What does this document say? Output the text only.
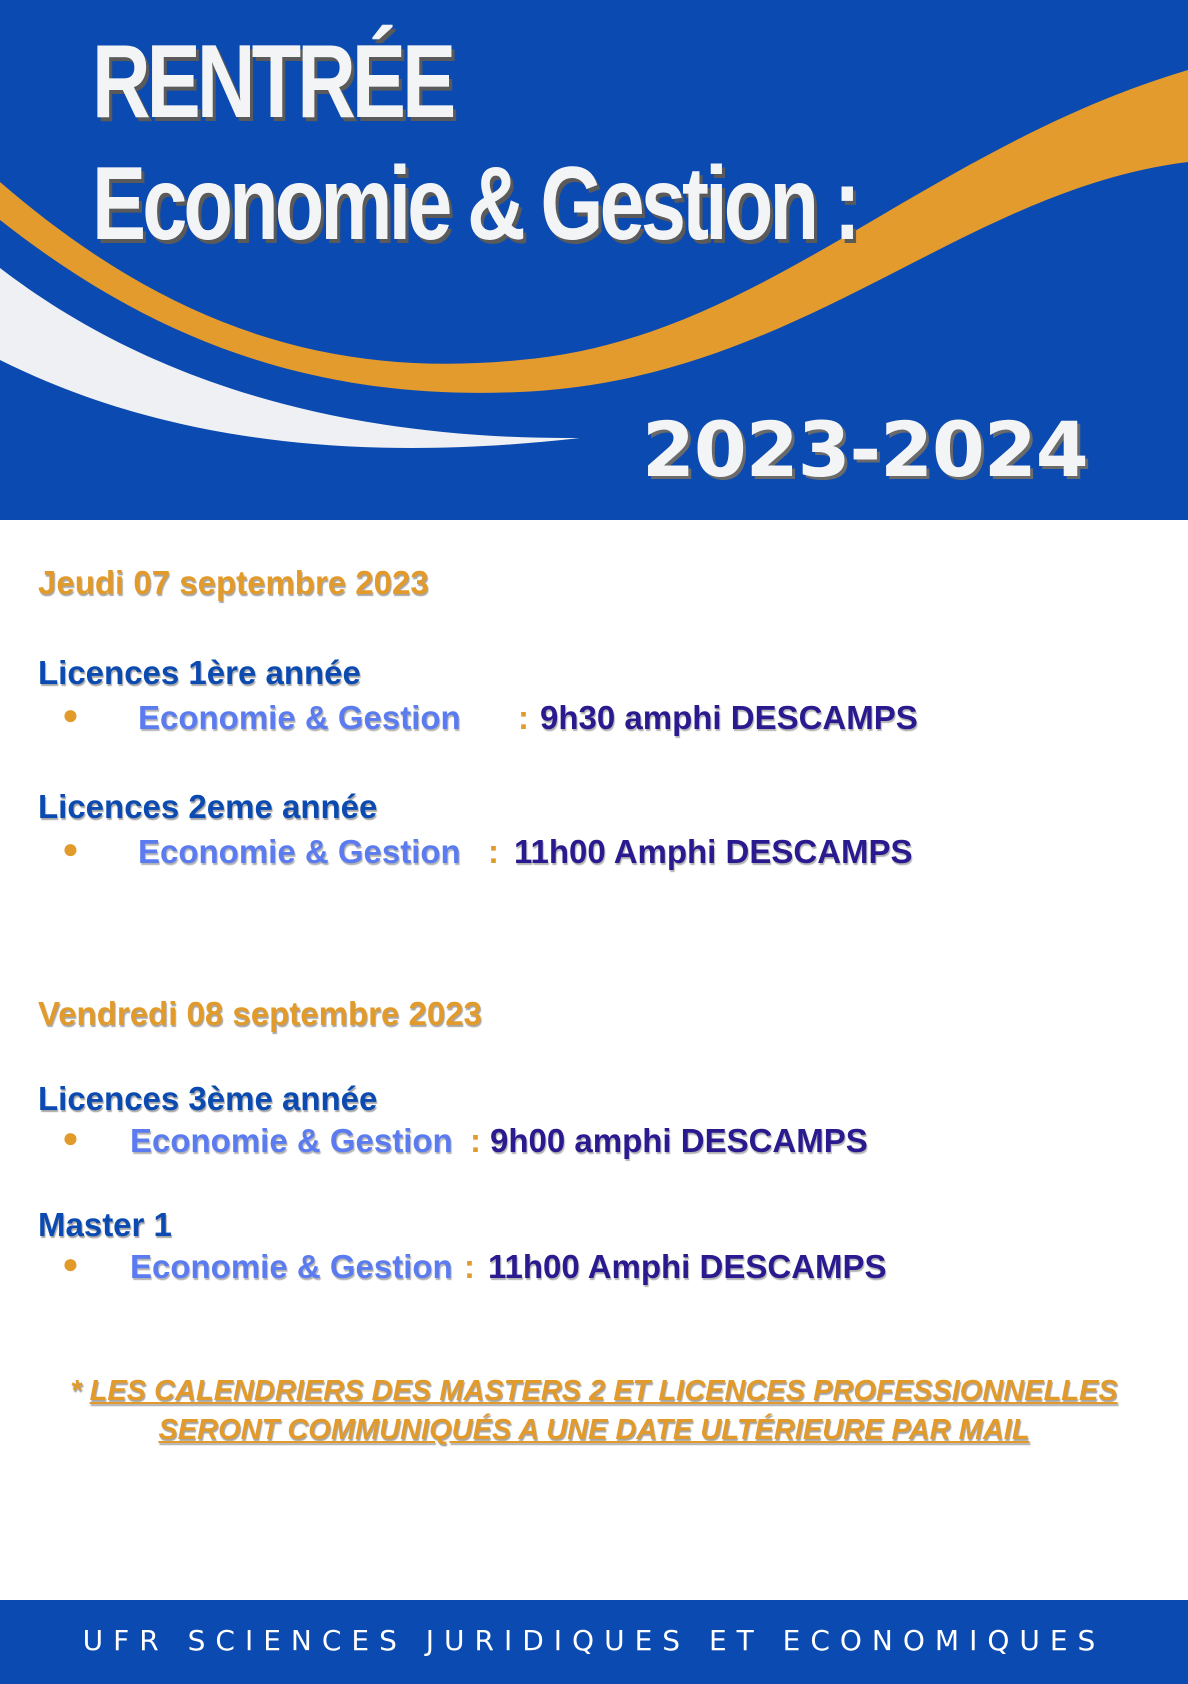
RENTRÉE
Economie & Gestion :
2023-2024
Jeudi 07 septembre 2023
Licences 1ère année
● Economie & Gestion : 9h30 amphi DESCAMPS
Licences 2eme année
● Economie & Gestion : 11h00 Amphi DESCAMPS
Vendredi 08 septembre 2023
Licences 3ème année
● Economie & Gestion : 9h00 amphi DESCAMPS
Master 1
● Economie & Gestion : 11h00 Amphi DESCAMPS
* LES CALENDRIERS DES MASTERS 2 ET LICENCES PROFESSIONNELLES
SERONT COMMUNIQUÉS A UNE DATE ULTÉRIEURE PAR MAIL
UFR SCIENCES JURIDIQUES ET ECONOMIQUES
